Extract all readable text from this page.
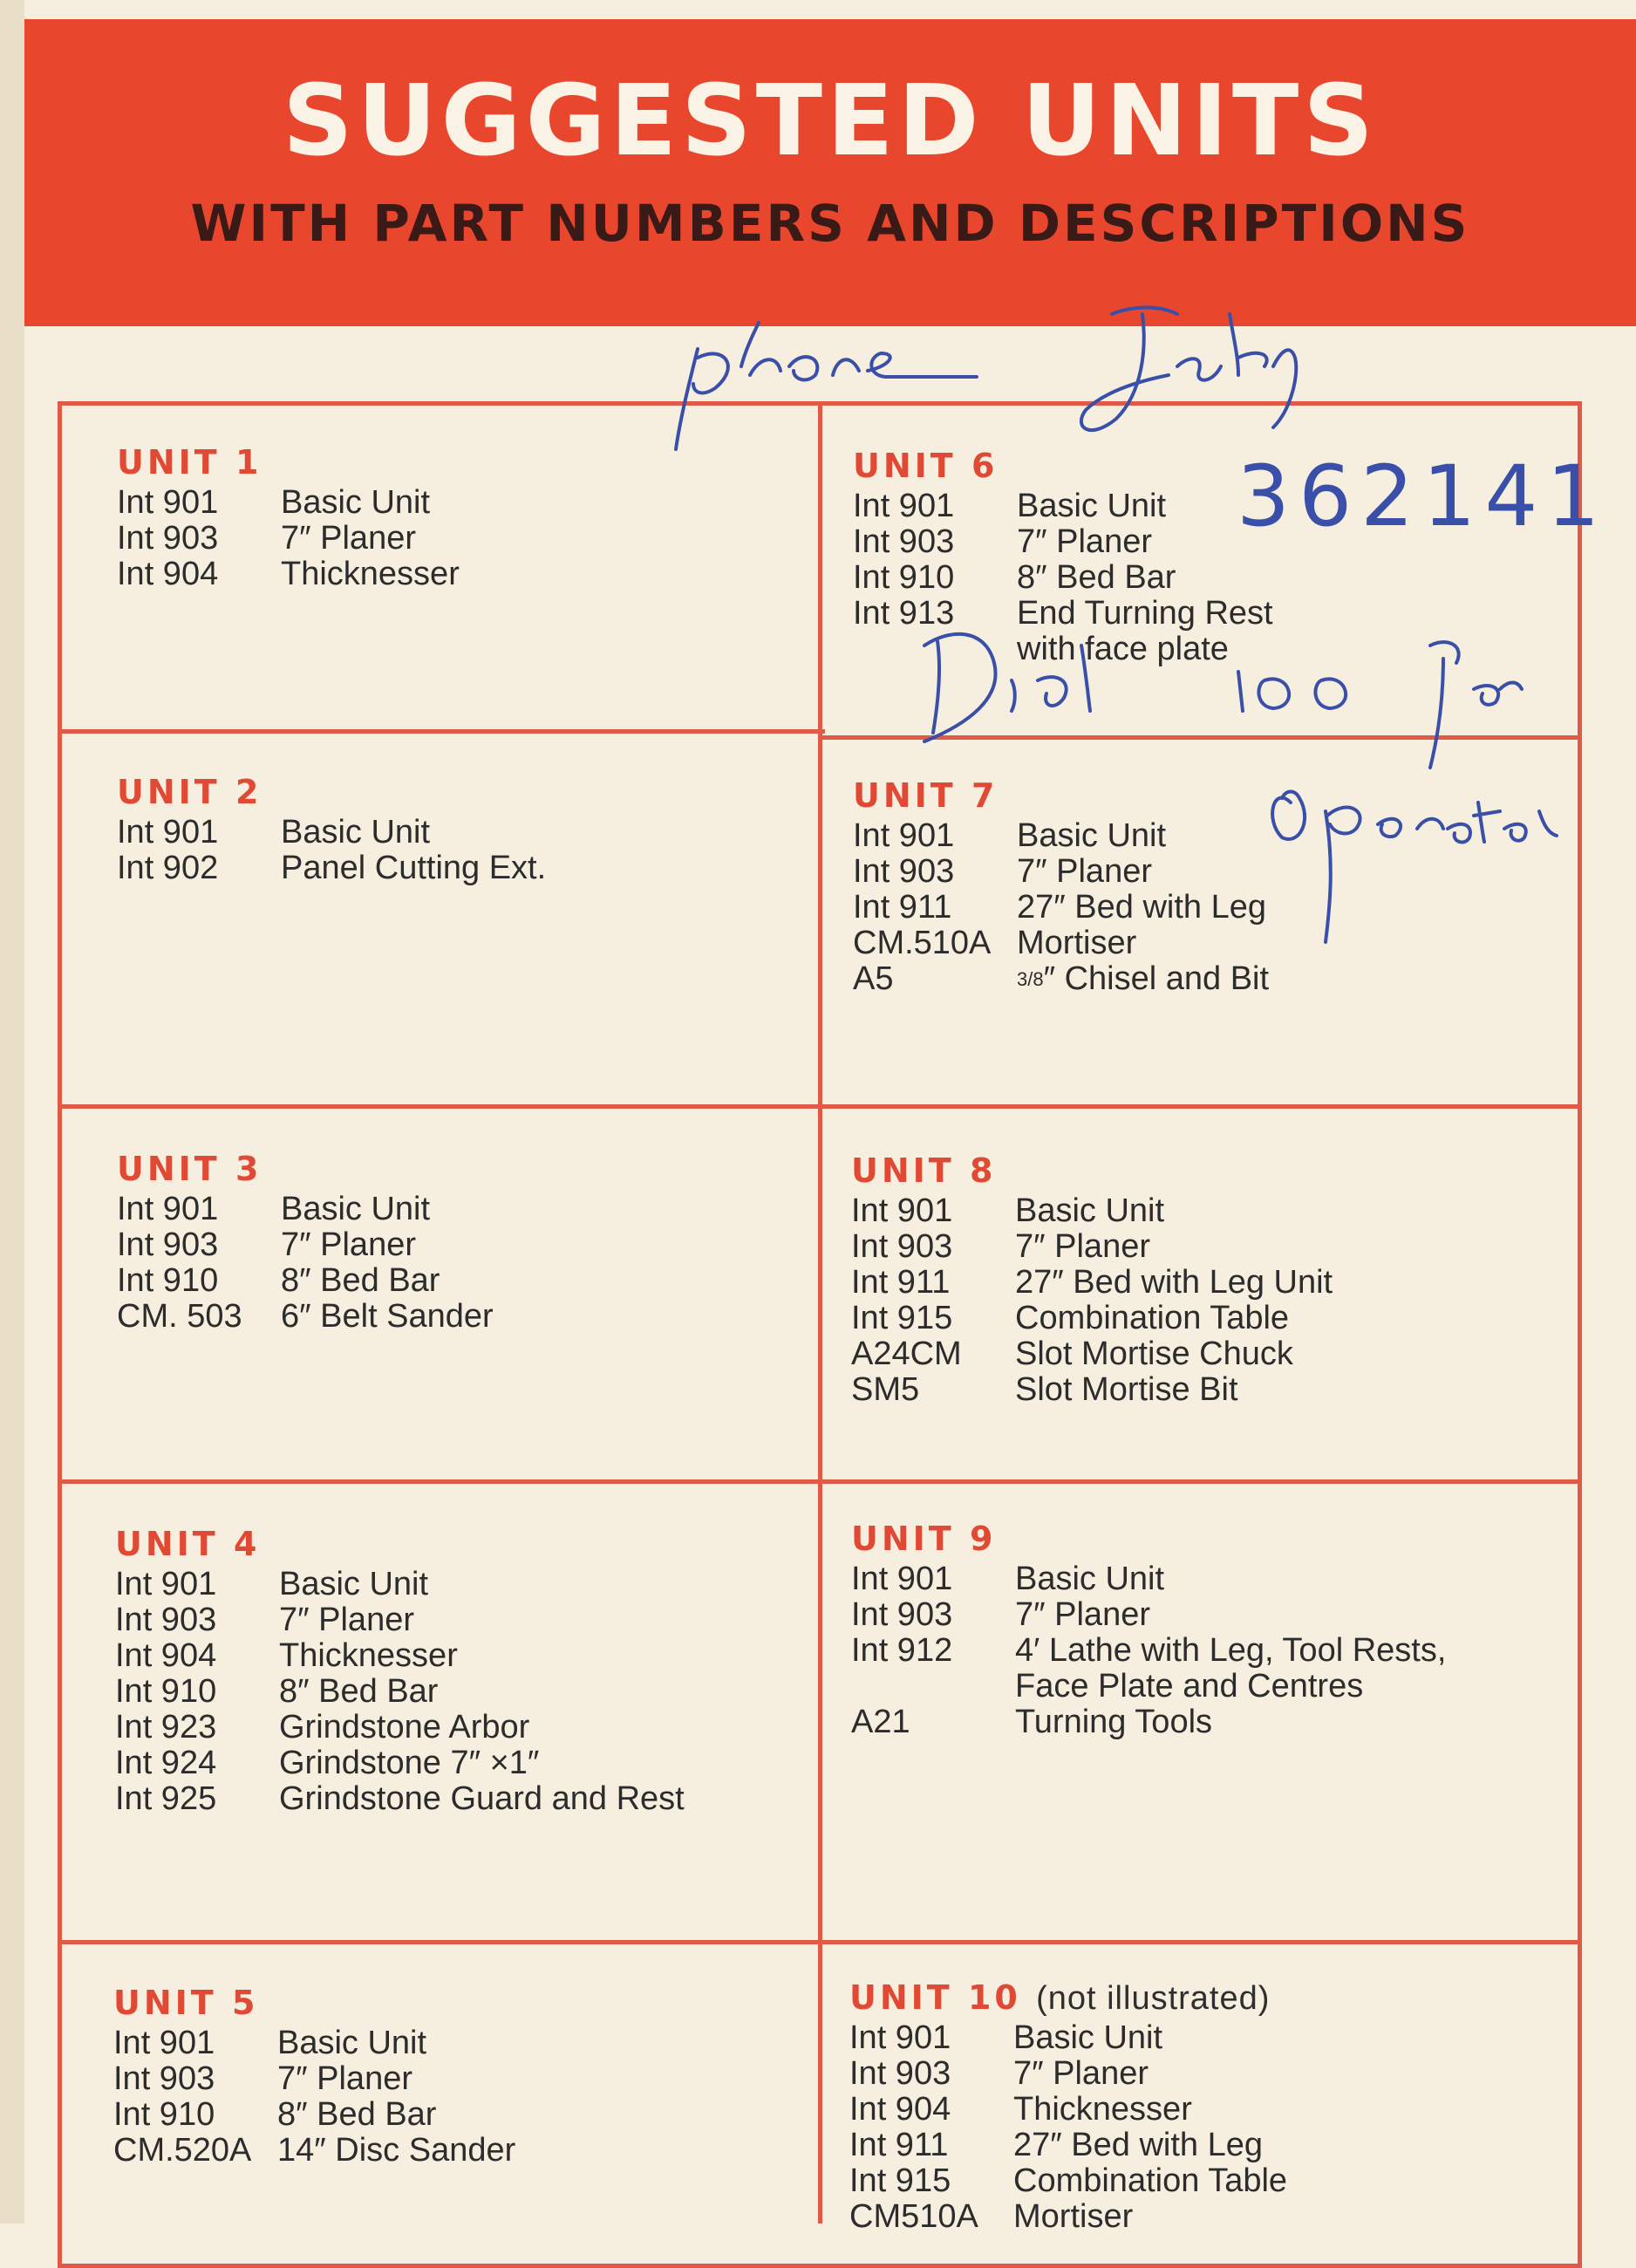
SUGGESTED UNITS
WITH PART NUMBERS AND DESCRIPTIONS
UNIT 1
Int 901	Basic Unit
Int 903	7″ Planer
Int 904	Thicknesser
UNIT 2
Int 901	Basic Unit
Int 902	Panel Cutting Ext.
UNIT 3
Int 901	Basic Unit
Int 903	7″ Planer
Int 910	8″ Bed Bar
CM. 503	6″ Belt Sander
UNIT 4
Int 901	Basic Unit
Int 903	7″ Planer
Int 904	Thicknesser
Int 910	8″ Bed Bar
Int 923	Grindstone Arbor
Int 924	Grindstone 7″ ×1″
Int 925	Grindstone Guard and Rest
UNIT 5
Int 901	Basic Unit
Int 903	7″ Planer
Int 910	8″ Bed Bar
CM.520A 14″ Disc Sander
UNIT 6
Int 901	Basic Unit
Int 903	7″ Planer
Int 910	8″ Bed Bar
Int 913	End Turning Rest
with face plate
UNIT 7
Int 901	Basic Unit
Int 903	7″ Planer
Int 911	27″ Bed with Leg
CM.510A Mortiser
A5	3/8″ Chisel and Bit
UNIT 8
Int 901	Basic Unit
Int 903	7″ Planer
Int 911	27″ Bed with Leg Unit
Int 915	Combination Table
A24CM	Slot Mortise Chuck
SM5	Slot Mortise Bit
UNIT 9
Int 901	Basic Unit
Int 903	7″ Planer
Int 912	4′ Lathe with Leg, Tool Rests,
Face Plate and Centres
A21	Turning Tools
UNIT 10 (not illustrated)
Int 901	Basic Unit
Int 903	7″ Planer
Int 904	Thicknesser
Int 911	27″ Bed with Leg
Int 915	Combination Table
CM510A	Mortiser
362141
